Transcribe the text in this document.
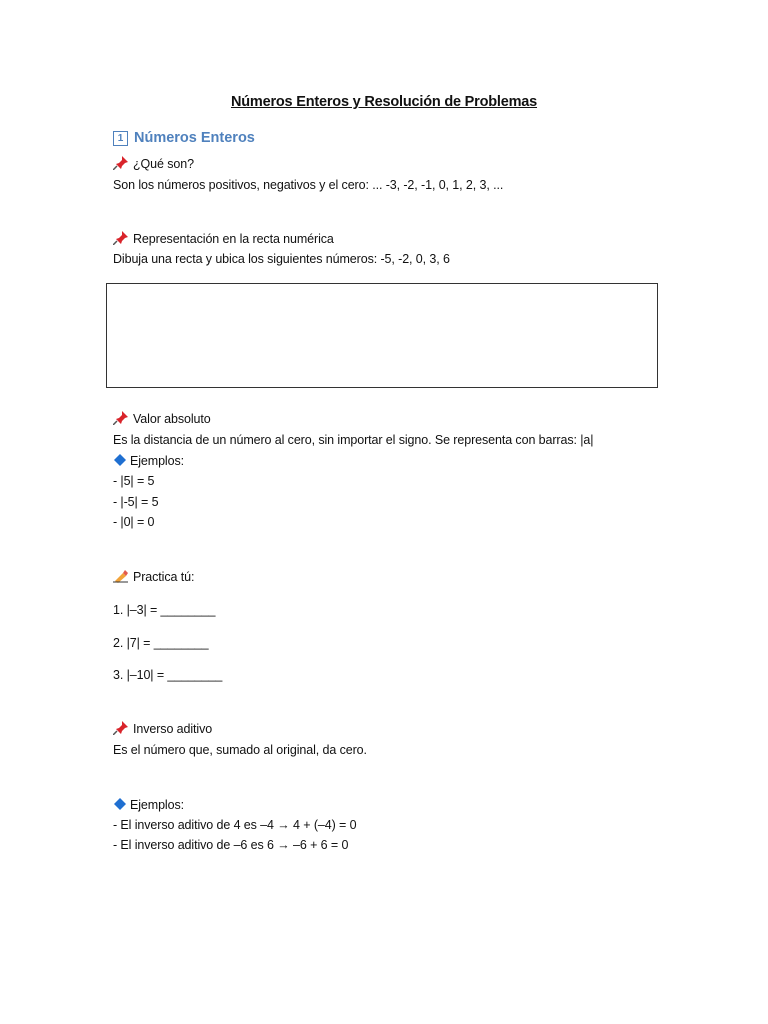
Números Enteros y Resolución de Problemas
1 Números Enteros
¿Qué son?
Son los números positivos, negativos y el cero: ... -3, -2, -1, 0, 1, 2, 3, ...
Representación en la recta numérica
Dibuja una recta y ubica los siguientes números: -5, -2, 0, 3, 6
Valor absoluto
Es la distancia de un número al cero, sin importar el signo. Se representa con barras: |a|
Ejemplos:
- |5| = 5
- |-5| = 5
- |0| = 0
Practica tú:
1. |–3| = ________
2. |7| = ________
3. |–10| = ________
Inverso aditivo
Es el número que, sumado al original, da cero.
Ejemplos:
- El inverso aditivo de 4 es –4 → 4 + (–4) = 0
- El inverso aditivo de –6 es 6 → –6 + 6 = 0
